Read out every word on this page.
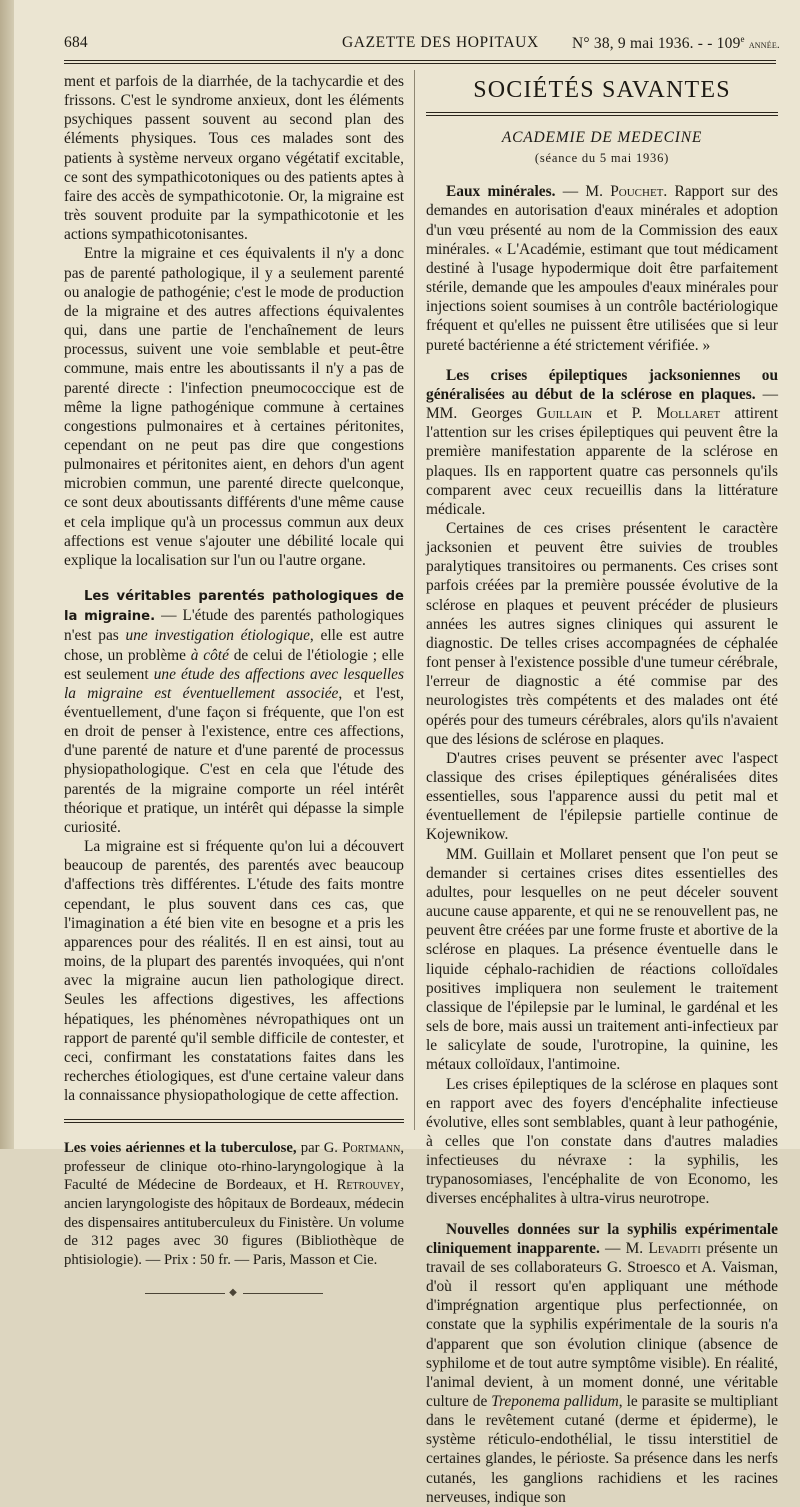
684	GAZETTE DES HOPITAUX N° 38, 9 mai 1936. - - 109e année.

ment et parfois de la diarrhée, de la tachycardie et des frissons. C'est le syndrome anxieux, dont les éléments psychiques passent souvent au second plan des éléments physiques. Tous ces malades sont des patients à système nerveux organo végétatif excitable, ce sont des sympathicotoniques ou des patients aptes à faire des accès de sympathicotonie. Or, la migraine est très souvent produite par la sympathicotonie et les actions sympathicotonisantes.

Entre la migraine et ces équivalents il n'y a donc pas de parenté pathologique, il y a seulement parenté ou analogie de pathogénie; c'est le mode de production de la migraine et des autres affections équivalentes qui, dans une partie de l'enchaînement de leurs processus, suivent une voie semblable et peut-être commune, mais entre les aboutissants il n'y a pas de parenté directe : l'infection pneumococcique est de même la ligne pathogénique commune à certaines congestions pulmonaires et à certaines péritonites, cependant on ne peut pas dire que congestions pulmonaires et péritonites aient, en dehors d'un agent microbien commun, une parenté directe quelconque, ce sont deux aboutissants différents d'une même cause et cela implique qu'à un processus commun aux deux affections est venue s'ajouter une débilité locale qui explique la localisation sur l'un ou l'autre organe.

Les véritables parentés pathologiques de la migraine. — L'étude des parentés pathologiques n'est pas une investigation étiologique, elle est autre chose, un problème à côté de celui de l'étiologie ; elle est seulement une étude des affections avec lesquelles la migraine est éventuellement associée, et l'est, éventuellement, d'une façon si fréquente, que l'on est en droit de penser à l'existence, entre ces affections, d'une parenté de nature et d'une parenté de processus physiopathologique. C'est en cela que l'étude des parentés de la migraine comporte un réel intérêt théorique et pratique, un intérêt qui dépasse la simple curiosité.

La migraine est si fréquente qu'on lui a découvert beaucoup de parentés, des parentés avec beaucoup d'affections très différentes. L'étude des faits montre cependant, le plus souvent dans ces cas, que l'imagination a été bien vite en besogne et a pris les apparences pour des réalités. Il en est ainsi, tout au moins, de la plupart des parentés invoquées, qui n'ont avec la migraine aucun lien pathologique direct. Seules les affections digestives, les affections hépatiques, les phénomènes névropathiques ont un rapport de parenté qu'il semble difficile de contester, et ceci, confirmant les constatations faites dans les recherches étiologiques, est d'une certaine valeur dans la connaissance physiopathologique de cette affection.

Les voies aériennes et la tuberculose, par G. Portmann, professeur de clinique oto-rhino-laryngologique à la Faculté de Médecine de Bordeaux, et H. Retrouvey, ancien laryngologiste des hôpitaux de Bordeaux, médecin des dispensaires antituberculeux du Finistère. Un volume de 312 pages avec 30 figures (Bibliothèque de phtisiologie). — Prix : 50 fr. — Paris, Masson et Cie.

◆
SOCIÉTÉS SAVANTES
ACADEMIE DE MEDECINE
(séance du 5 mai 1936)

Eaux minérales. — M. Pouchet. Rapport sur des demandes en autorisation d'eaux minérales et adoption d'un vœu présenté au nom de la Commission des eaux minérales. « L'Académie, estimant que tout médicament destiné à l'usage hypodermique doit être parfaitement stérile, demande que les ampoules d'eaux minérales pour injections soient soumises à un contrôle bactériologique fréquent et qu'elles ne puissent être utilisées que si leur pureté bactérienne a été strictement vérifiée. »

Les crises épileptiques jacksoniennes ou généralisées au début de la sclérose en plaques. — MM. Georges Guillain et P. Mollaret attirent l'attention sur les crises épileptiques qui peuvent être la première manifestation apparente de la sclérose en plaques. Ils en rapportent quatre cas personnels qu'ils comparent avec ceux recueillis dans la littérature médicale.

Certaines de ces crises présentent le caractère jacksonien et peuvent être suivies de troubles paralytiques transitoires ou permanents. Ces crises sont parfois créées par la première poussée évolutive de la sclérose en plaques et peuvent précéder de plusieurs années les autres signes cliniques qui assurent le diagnostic. De telles crises accompagnées de céphalée font penser à l'existence possible d'une tumeur cérébrale, l'erreur de diagnostic a été commise par des neurologistes très compétents et des malades ont été opérés pour des tumeurs cérébrales, alors qu'ils n'avaient que des lésions de sclérose en plaques.

D'autres crises peuvent se présenter avec l'aspect classique des crises épileptiques généralisées dites essentielles, sous l'apparence aussi du petit mal et éventuellement de l'épilepsie partielle continue de Kojewnikow.

MM. Guillain et Mollaret pensent que l'on peut se demander si certaines crises dites essentielles des adultes, pour lesquelles on ne peut déceler souvent aucune cause apparente, et qui ne se renouvellent pas, ne peuvent être créées par une forme fruste et abortive de la sclérose en plaques. La présence éventuelle dans le liquide céphalo-rachidien de réactions colloïdales positives impliquera non seulement le traitement classique de l'épilepsie par le luminal, le gardénal et les sels de bore, mais aussi un traitement anti-infectieux par le salicylate de soude, l'urotropine, la quinine, les métaux colloïdaux, l'antimoine.

Les crises épileptiques de la sclérose en plaques sont en rapport avec des foyers d'encéphalite infectieuse évolutive, elles sont semblables, quant à leur pathogénie, à celles que l'on constate dans d'autres maladies infectieuses du névraxe : la syphilis, les trypanosomiases, l'encéphalite de von Economo, les diverses encéphalites à ultra-virus neurotrope.

Nouvelles données sur la syphilis expérimentale cliniquement inapparente. — M. Levaditi présente un travail de ses collaborateurs G. Stroesco et A. Vaisman, d'où il ressort qu'en appliquant une méthode d'imprégnation argentique plus perfectionnée, on constate que la syphilis expérimentale de la souris n'a d'apparent que son évolution clinique (absence de syphilome et de tout autre symptôme visible). En réalité, l'animal devient, à un moment donné, une véritable culture de Treponema pallidum, le parasite se multipliant dans le revêtement cutané (derme et épiderme), le système réticulo-endothélial, le tissu interstitiel de certaines glandes, le périoste. Sa présence dans les nerfs cutanés, les ganglions rachidiens et les racines nerveuses, indique son
